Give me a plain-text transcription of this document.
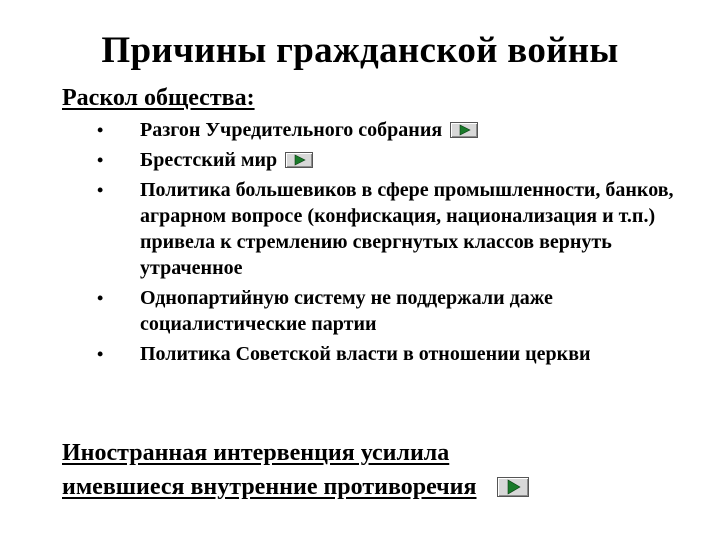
Причины гражданской войны
Раскол общества:
• Разгон Учредительного собрания
• Брестский мир
• Политика большевиков в сфере промышленности, банков, аграрном вопросе (конфискация, национализация и т.п.) привела к стремлению свергнутых классов вернуть утраченное
• Однопартийную систему не поддержали даже социалистические партии
• Политика Советской власти в отношении церкви
Иностранная интервенция усилила
имевшиеся внутренние противоречия
